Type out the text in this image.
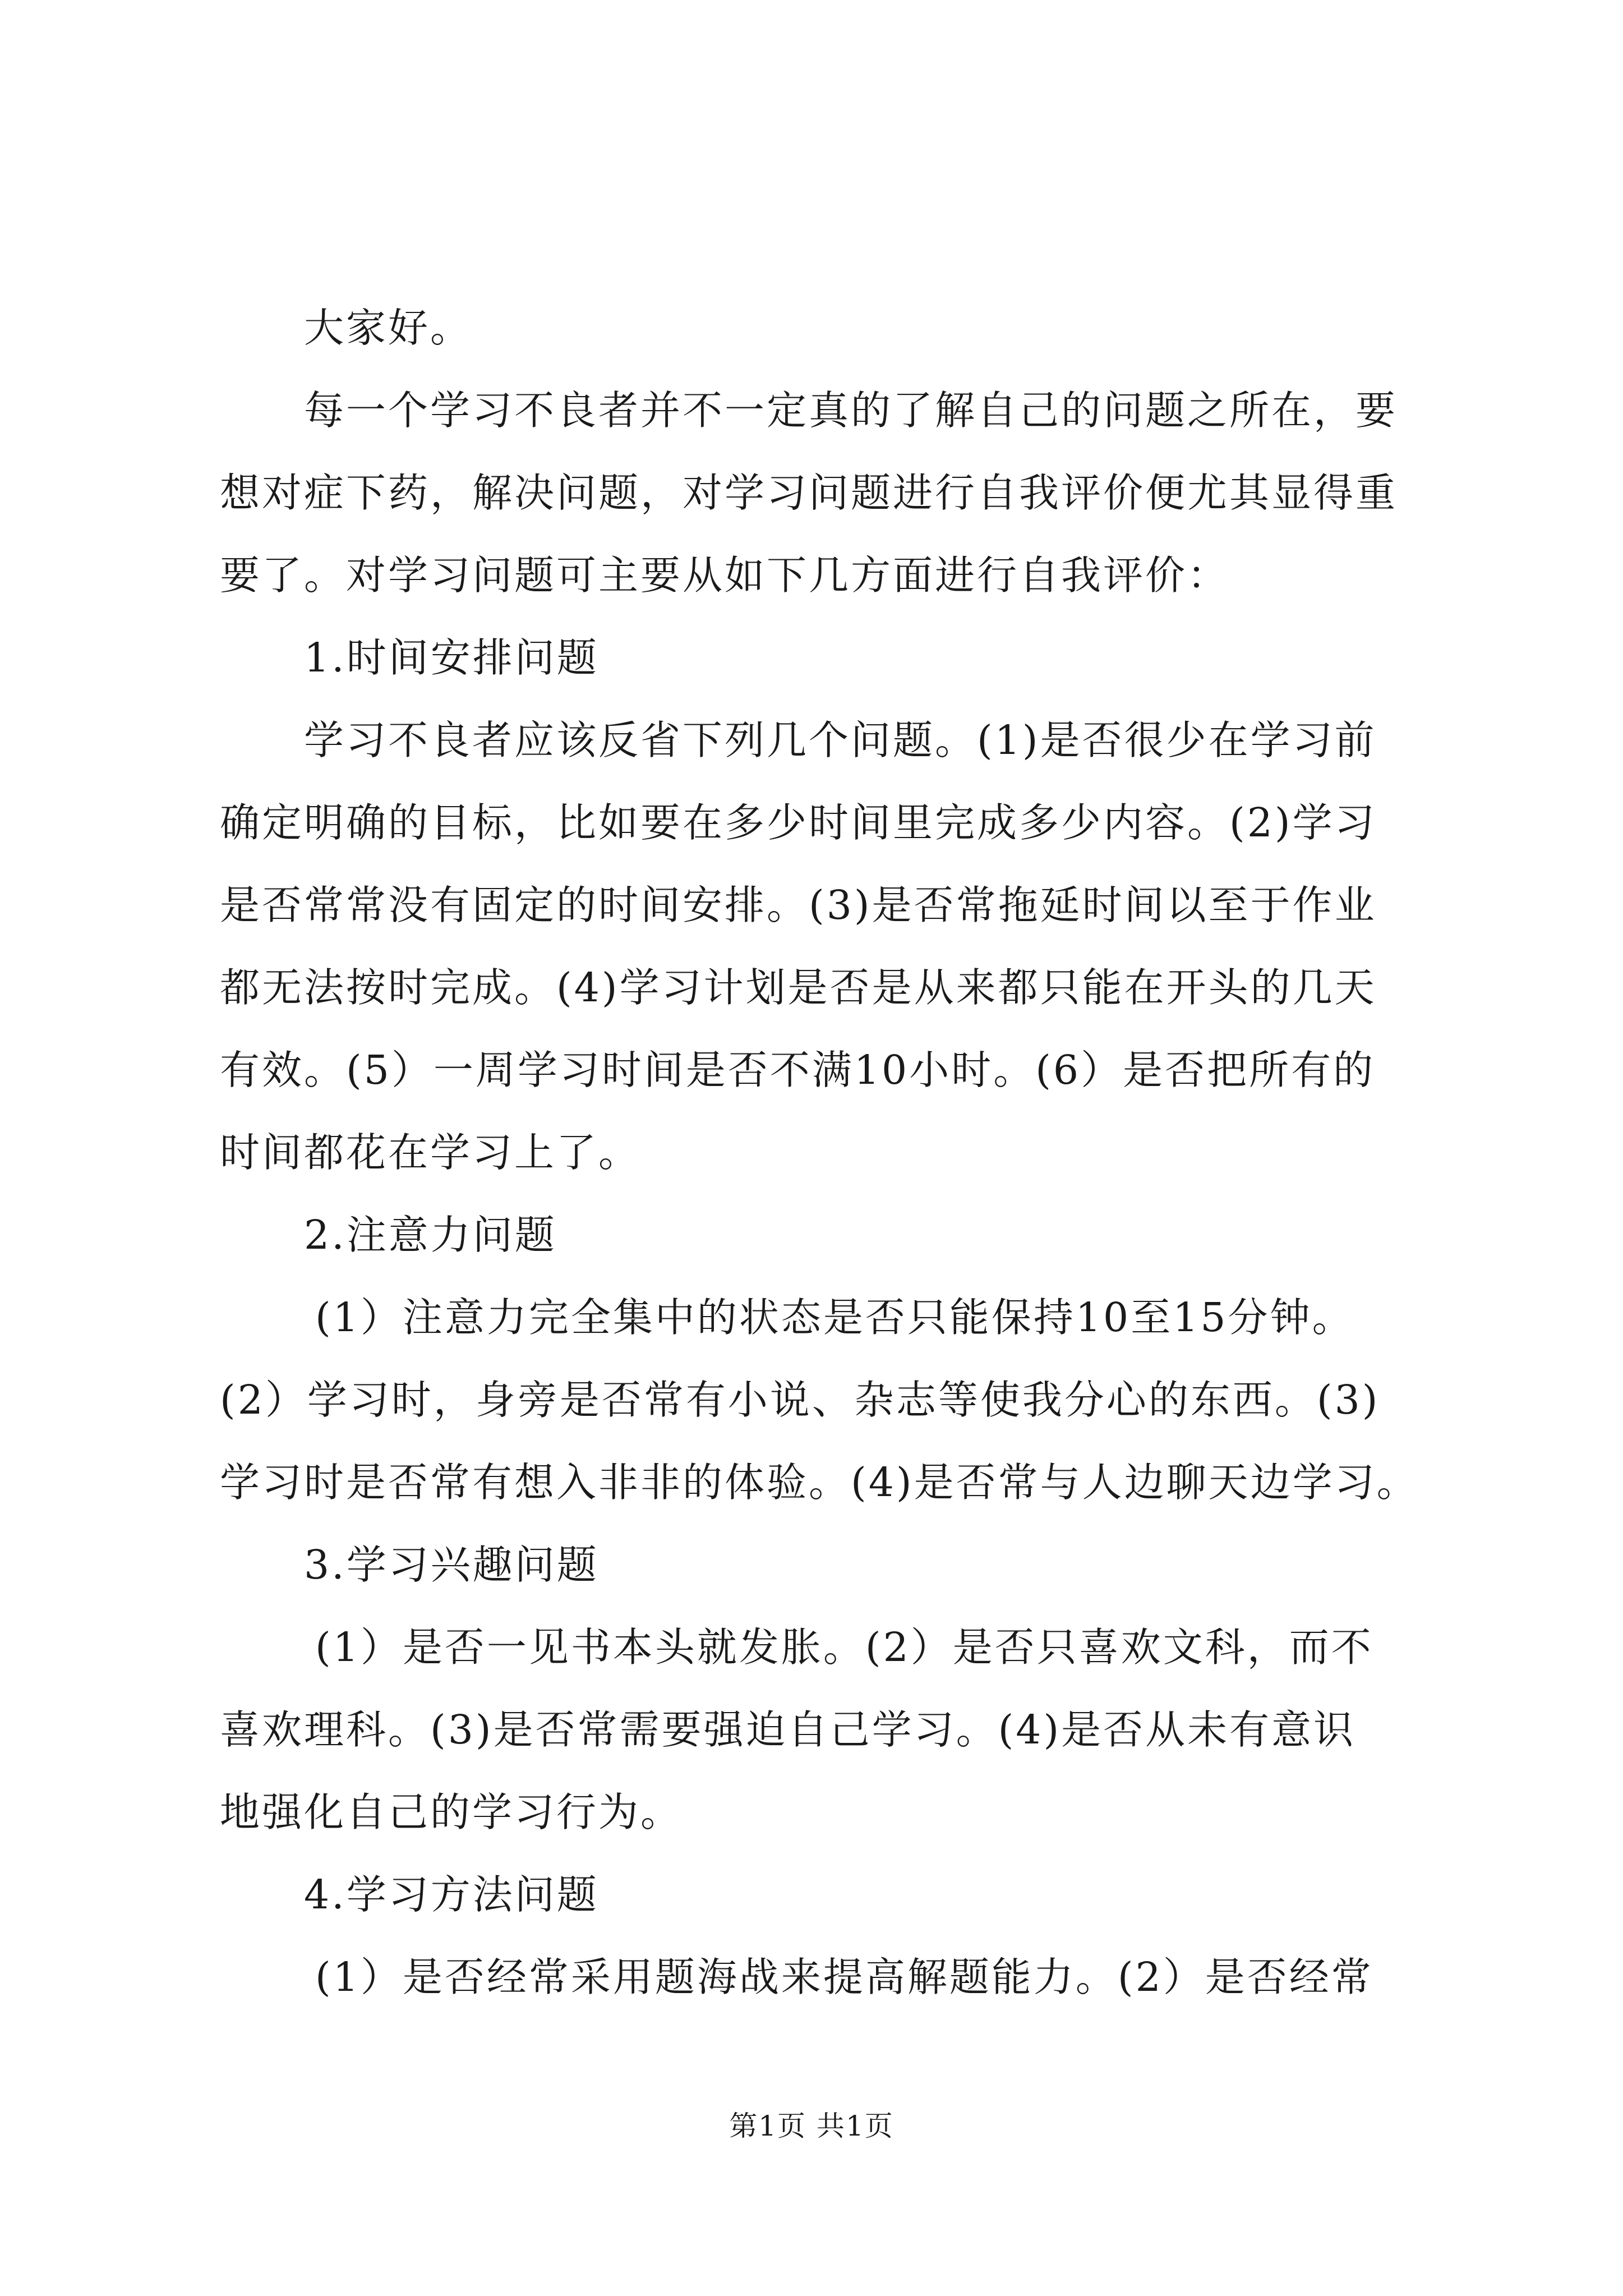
大家好。
每一个学习不良者并不一定真的了解自己的问题之所在，要
想对症下药，解决问题，对学习问题进行自我评价便尤其显得重
要了。对学习问题可主要从如下几方面进行自我评价：
1.时间安排问题
学习不良者应该反省下列几个问题。(1)是否很少在学习前
确定明确的目标，比如要在多少时间里完成多少内容。(2)学习
是否常常没有固定的时间安排。(3)是否常拖延时间以至于作业
都无法按时完成。(4)学习计划是否是从来都只能在开头的几天
有效。(5）一周学习时间是否不满10小时。(6）是否把所有的
时间都花在学习上了。
2.注意力问题
(1）注意力完全集中的状态是否只能保持10至15分钟。
(2）学习时，身旁是否常有小说、杂志等使我分心的东西。(3)
学习时是否常有想入非非的体验。(4)是否常与人边聊天边学习。
3.学习兴趣问题
(1）是否一见书本头就发胀。(2）是否只喜欢文科，而不
喜欢理科。(3)是否常需要强迫自己学习。(4)是否从未有意识
地强化自己的学习行为。
4.学习方法问题
(1）是否经常采用题海战来提高解题能力。(2）是否经常
第1页 共1页
